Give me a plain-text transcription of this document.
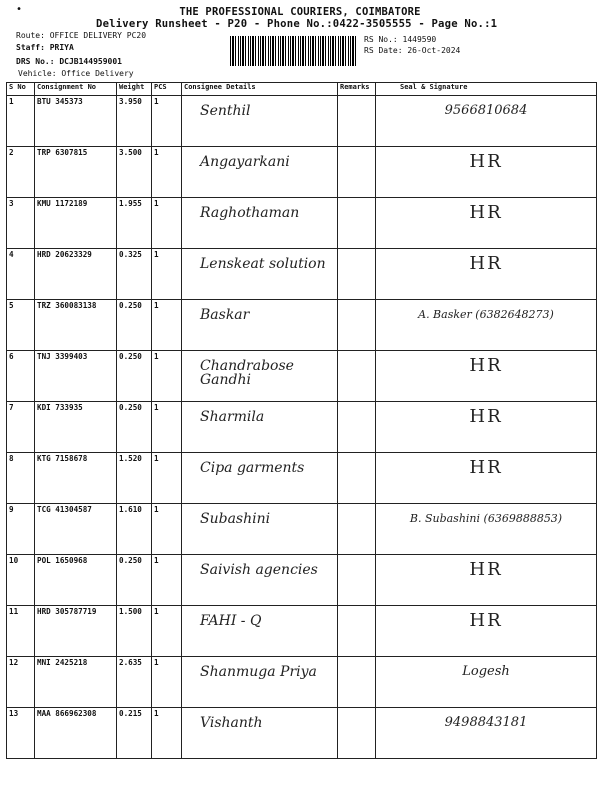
•	THE PROFESSIONAL COURIERS, COIMBATORE
Delivery Runsheet - P20 - Phone No.:0422-3505555 - Page No.:1
Route: OFFICE DELIVERY PC20
Staff: PRIYA
DRS No.: DCJB144959001
Vehicle: Office Delivery
RS No.: 1449590
RS Date: 26-Oct-2024
S No	Consignment No	Weight	PCS	Consignee Details	Remarks	Seal & Signature
1	BTU 345373	3.950	1	Senthil		9566810684
2	TRP 6307815	3.500	1	Angayarkani		HR
3	KMU 1172189	1.955	1	Raghothaman		HR
4	HRD 20623329	0.325	1	Lenskeat solution		HR
5	TRZ 360083138	0.250	1	Baskar		A. Basker (6382648273)
6	TNJ 3399403	0.250	1	Chandrabose Gandhi		HR
7	KDI 733935	0.250	1	Sharmila		HR
8	KTG 7158678	1.520	1	Cipa garments		HR
9	TCG 41304587	1.610	1	Subashini		B. Subashini (6369888853)
10	POL 1650968	0.250	1	Saivish agencies		HR
11	HRD 305787719	1.500	1	FAHI - Q		HR
12	MNI 2425218	2.635	1	Shanmuga Priya		Logesh
13	MAA 866962308	0.215	1	Vishanth		9498843181
